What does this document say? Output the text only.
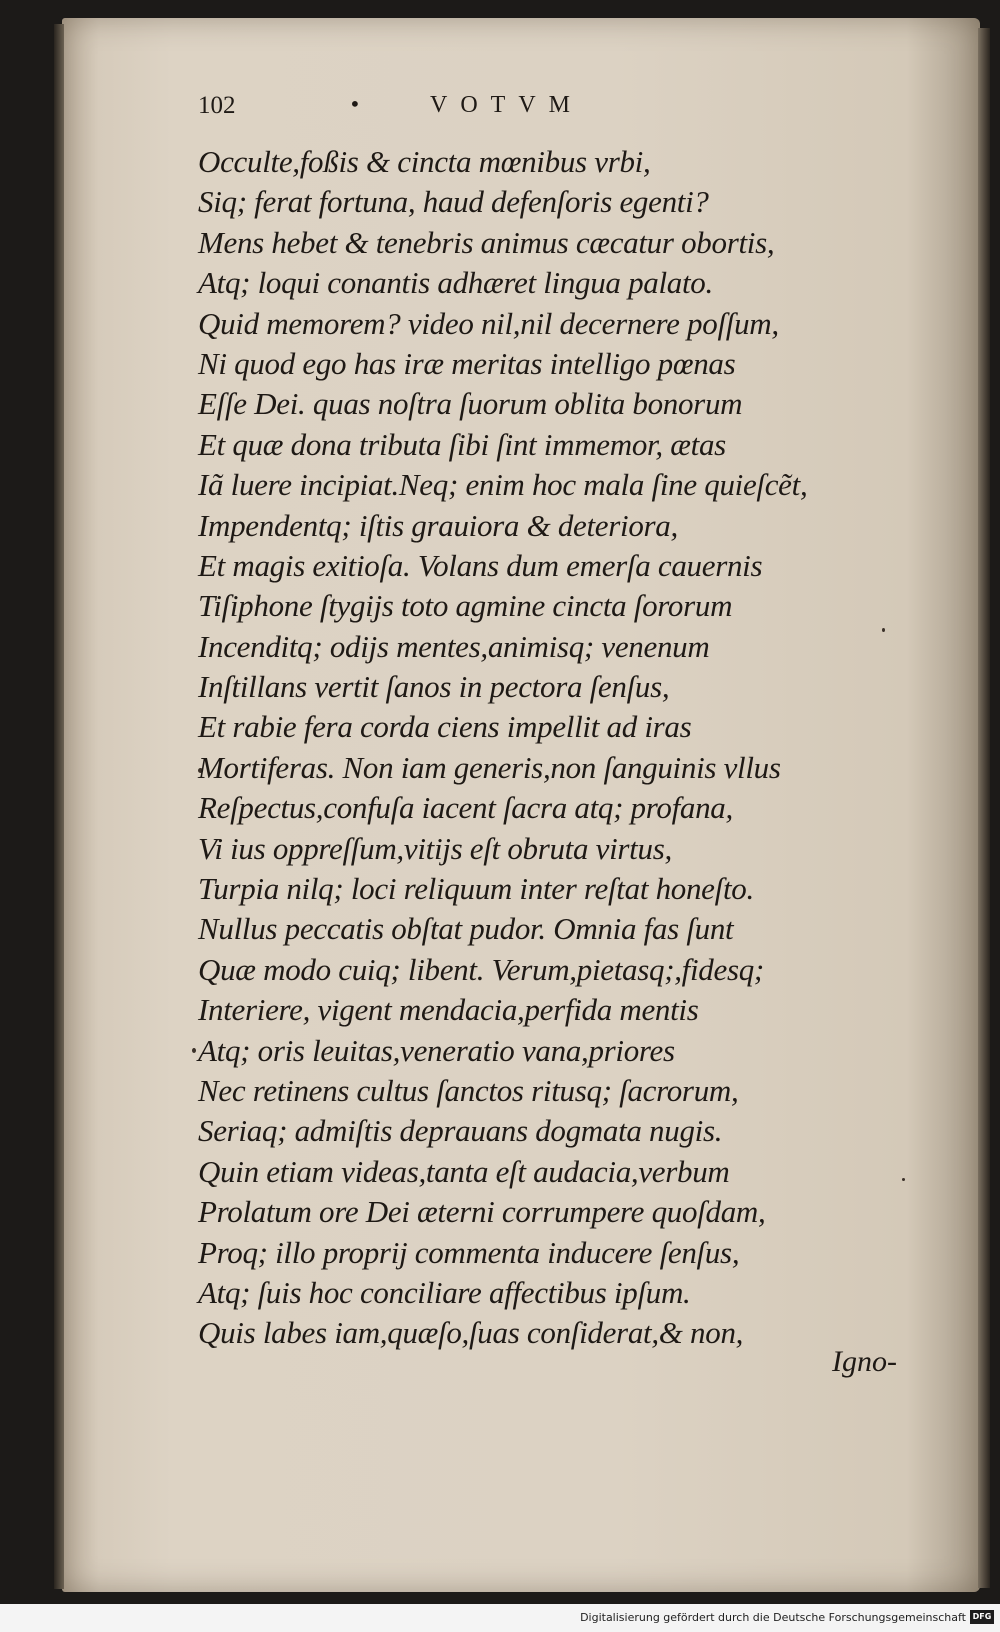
102	•	VOTVM
Occulte,foßis & cincta mœnibus vrbi,
Siq; ferat fortuna, haud defenſoris egenti?
Mens hebet & tenebris animus cæcatur obortis,
Atq; loqui conantis adhæret lingua palato.
Quid memorem? video nil,nil decernere poſſum,
Ni quod ego has iræ meritas intelligo pœnas
Eſſe Dei. quas noſtra ſuorum oblita bonorum
Et quæ dona tributa ſibi ſint immemor, ætas
Iã luere incipiat.Neq; enim hoc mala ſine quieſcẽt,
Impendentq; iſtis grauiora & deteriora,
Et magis exitioſa. Volans dum emerſa cauernis
Tiſiphone ſtygijs toto agmine cincta ſororum
Incenditq; odijs mentes,animisq; venenum
Inſtillans vertit ſanos in pectora ſenſus,
Et rabie fera corda ciens impellit ad iras
Mortiferas. Non iam generis,non ſanguinis vllus
Reſpectus,confuſa iacent ſacra atq; profana,
Vi ius oppreſſum,vitijs eſt obruta virtus,
Turpia nilq; loci reliquum inter reſtat honeſto.
Nullus peccatis obſtat pudor. Omnia fas ſunt
Quæ modo cuiq; libent. Verum,pietasq;,fidesq;
Interiere, vigent mendacia,perfida mentis
Atq; oris leuitas,veneratio vana,priores
Nec retinens cultus ſanctos ritusq; ſacrorum,
Seriaq; admiſtis deprauans dogmata nugis.
Quin etiam videas,tanta eſt audacia,verbum
Prolatum ore Dei æterni corrumpere quoſdam,
Proq; illo proprij commenta inducere ſenſus,
Atq; ſuis hoc conciliare affectibus ipſum.
Quis labes iam,quæſo,ſuas conſiderat,& non,
Igno-
Digitalisierung gefördert durch die Deutsche Forschungsgemeinschaft DFG
